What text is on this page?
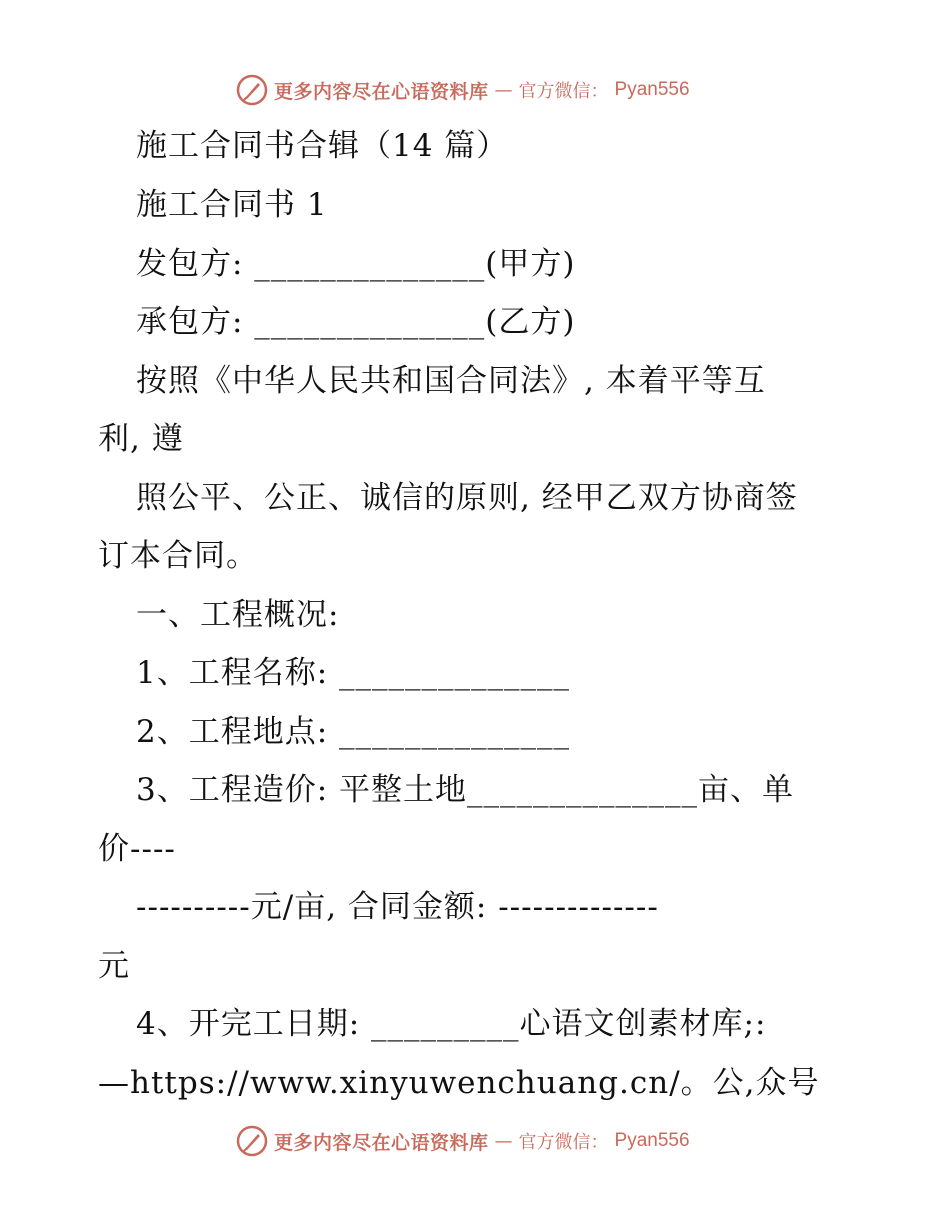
更多内容尽在心语资料库 — 官方微信： Pyan556
施工合同书合辑（14 篇）
施工合同书 1
发包方: ______________(甲方)
承包方: ______________(乙方)
按照《中华人民共和国合同法》, 本着平等互
利, 遵
照公平、公正、诚信的原则, 经甲乙双方协商签
订本合同。
一、工程概况:
1、工程名称: ______________
2、工程地点: ______________
3、工程造价: 平整土地______________亩、单
价----
----------元/亩, 合同金额: --------------
元
4、开完工日期: _________心语文创素材库;:
—https://www.xinyuwenchuang.cn/。公,众号
更多内容尽在心语资料库 — 官方微信： Pyan556
